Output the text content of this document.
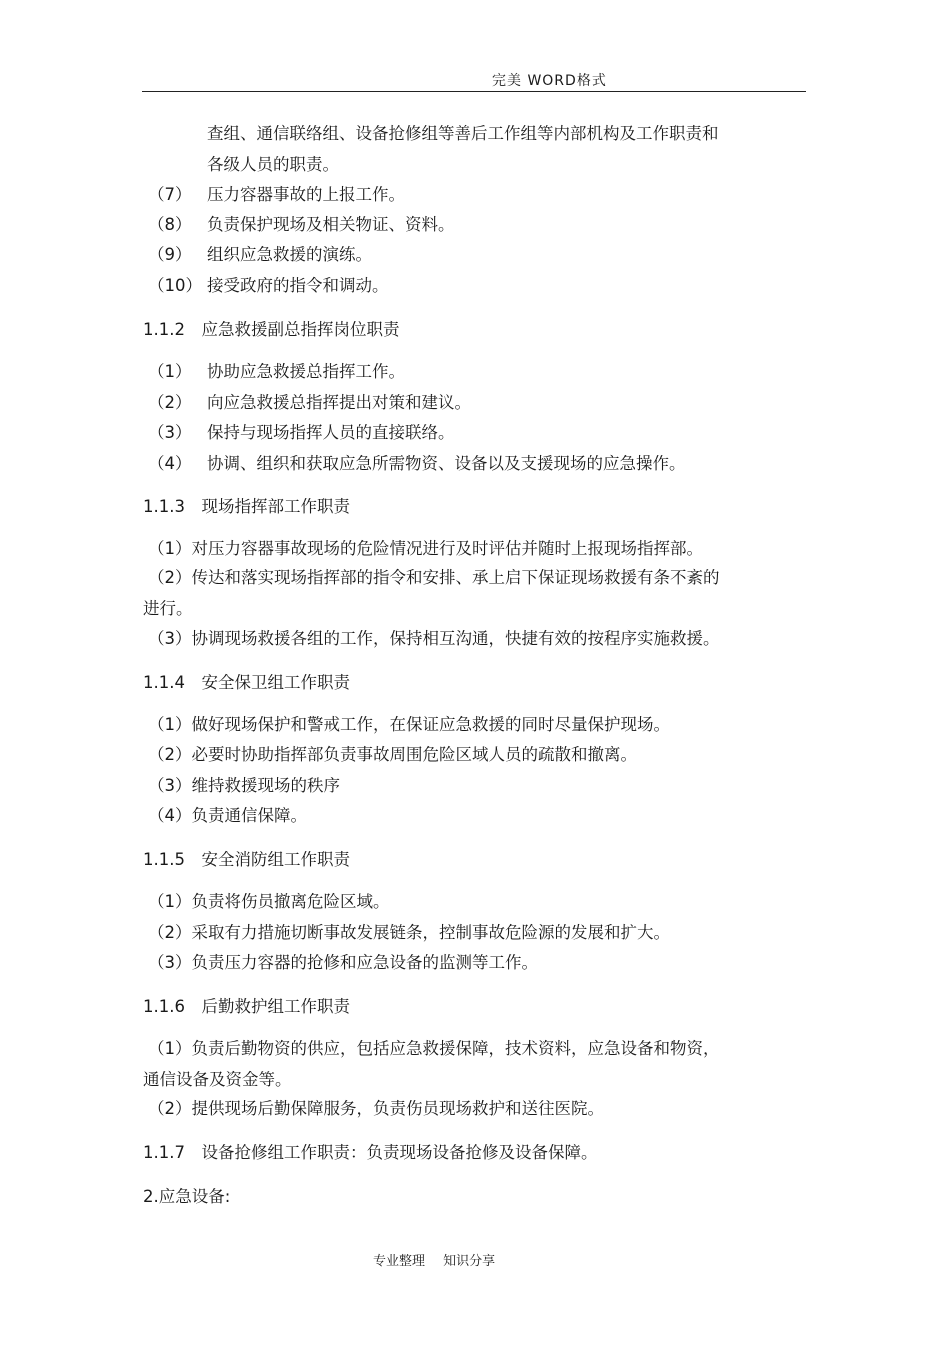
完美 WORD格式
查组、通信联络组、设备抢修组等善后工作组等内部机构及工作职责和
各级人员的职责。
（7） 压力容器事故的上报工作。
（8） 负责保护现场及相关物证、资料。
（9） 组织应急救援的演练。
（10） 接受政府的指令和调动。
1.1.2　应急救援副总指挥岗位职责
（1） 协助应急救援总指挥工作。
（2） 向应急救援总指挥提出对策和建议。
（3） 保持与现场指挥人员的直接联络。
（4） 协调、组织和获取应急所需物资、设备以及支援现场的应急操作。
1.1.3　现场指挥部工作职责
（1）对压力容器事故现场的危险情况进行及时评估并随时上报现场指挥部。
（2）传达和落实现场指挥部的指令和安排、承上启下保证现场救援有条不紊的
进行。
（3）协调现场救援各组的工作，保持相互沟通，快捷有效的按程序实施救援。
1.1.4　安全保卫组工作职责
（1）做好现场保护和警戒工作，在保证应急救援的同时尽量保护现场。
（2）必要时协助指挥部负责事故周围危险区域人员的疏散和撤离。
（3）维持救援现场的秩序
（4）负责通信保障。
1.1.5　安全消防组工作职责
（1）负责将伤员撤离危险区域。
（2）采取有力措施切断事故发展链条，控制事故危险源的发展和扩大。
（3）负责压力容器的抢修和应急设备的监测等工作。
1.1.6　后勤救护组工作职责
（1）负责后勤物资的供应，包括应急救援保障，技术资料，应急设备和物资，
通信设备及资金等。
（2）提供现场后勤保障服务，负责伤员现场救护和送往医院。
1.1.7　设备抢修组工作职责：负责现场设备抢修及设备保障。
2.应急设备:
专业整理 知识分享
